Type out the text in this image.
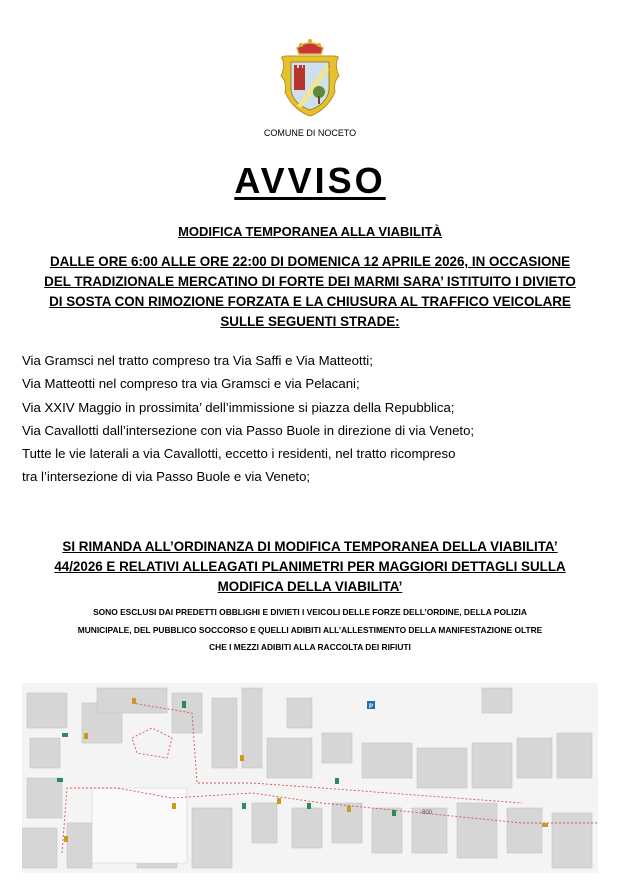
COMUNE DI NOCETO
AVVISO
MODIFICA TEMPORANEA ALLA VIABILITÀ
DALLE ORE 6:00 ALLE ORE 22:00 DI DOMENICA 12 APRILE 2026, IN OCCASIONE
DEL TRADIZIONALE MERCATINO DI FORTE DEI MARMI SARA’ ISTITUITO I DIVIETO
DI SOSTA CON RIMOZIONE FORZATA E LA CHIUSURA AL TRAFFICO VEICOLARE
SULLE SEGUENTI STRADE:
Via Gramsci nel tratto compreso tra Via Saffi e Via Matteotti;
Via Matteotti nel compreso tra via Gramsci e via Pelacani;
Via XXIV Maggio in prossimita’ dell’immissione si piazza della Repubblica;
Via Cavallotti dall’intersezione con via Passo Buole in direzione di via Veneto;
Tutte le vie laterali a via Cavallotti, eccetto i residenti, nel tratto ricompreso
tra l’intersezione di via Passo Buole e via Veneto;
SI RIMANDA ALL’ORDINANZA DI MODIFICA TEMPORANEA DELLA VIABILITA’
44/2026 E RELATIVI ALLEAGATI PLANIMETRI PER MAGGIORI DETTAGLI SULLA
MODIFICA DELLA VIABILITA’
SONO ESCLUSI DAI PREDETTI OBBLIGHI E DIVIETI I VEICOLI DELLE FORZE DELL’ORDINE, DELLA POLIZIA
MUNICIPALE, DEL PUBBLICO SOCCORSO E QUELLI ADIBITI ALL’ALLESTIMENTO DELLA MANIFESTAZIONE OLTRE
CHE I MEZZI ADIBITI ALLA RACCOLTA DEI RIFIUTI
P
800
